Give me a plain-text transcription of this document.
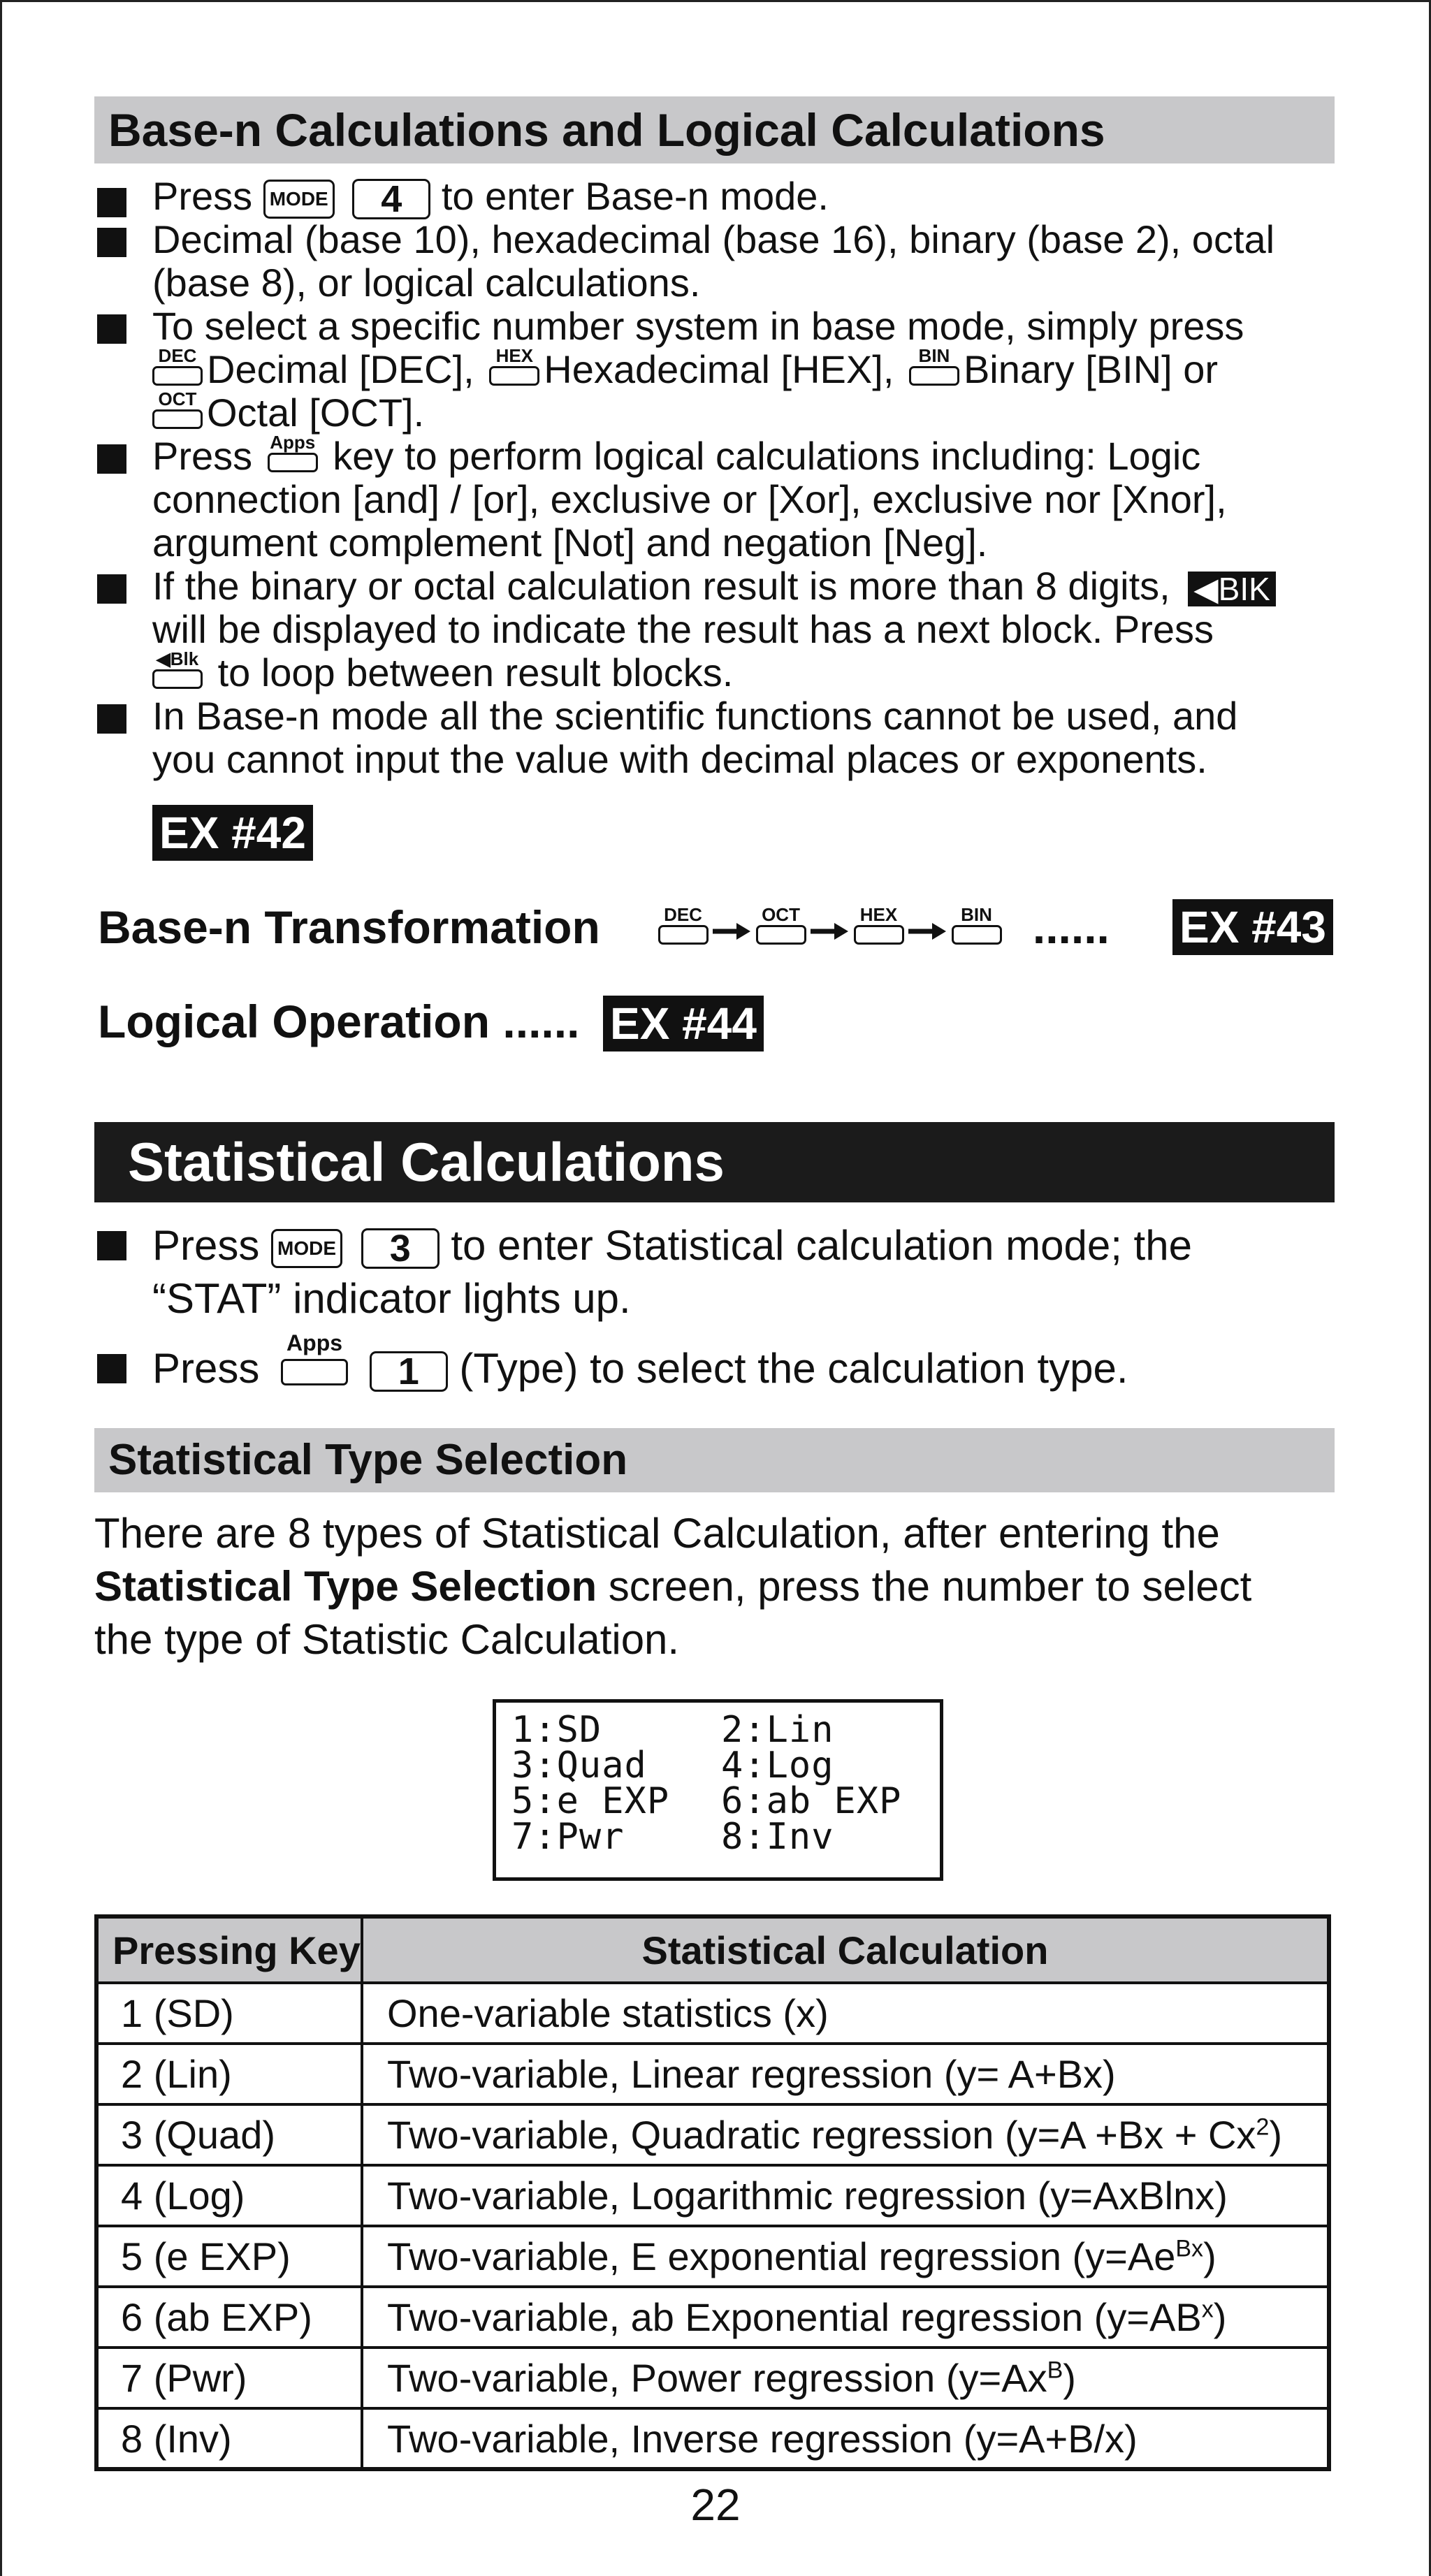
Base-n Calculations and Logical Calculations
Press MODE 4 to enter Base-n mode.
Decimal (base 10), hexadecimal (base 16), binary (base 2), octal
(base 8), or logical calculations.
To select a specific number system in base mode, simply press
DEC Decimal [DEC],	HEX Hexadecimal [HEX],	BIN Binary [BIN] or
OCT Octal [OCT].
Press Apps key to perform logical calculations including: Logic
connection [and] / [or], exclusive or [Xor], exclusive nor [Xnor],
argument complement [Not] and negation [Neg].
If the binary or octal calculation result is more than 8 digits, ◀BIK
will be displayed to indicate the result has a next block. Press
◀Blk to loop between result blocks.
In Base-n mode all the scientific functions cannot be used, and
you cannot input the value with decimal places or exponents.
EX #42
Base-n Transformation	DEC	OCT	HEX	BIN ......	EX #43
Logical Operation ...... EX #44
Statistical Calculations
Press MODE 3 to enter Statistical calculation mode; the
“STAT” indicator lights up.
Press
Apps
1 (Type) to select the calculation type.
Statistical Type Selection
There are 8 types of Statistical Calculation, after entering the
Statistical Type Selection screen, press the number to select
the type of Statistic Calculation.
1:SD	2:Lin
3:Quad	4:Log
5:e EXP	6:ab EXP
7:Pwr	8:Inv
Pressing Key	Statistical Calculation
1 (SD)	One-variable statistics (x)
2 (Lin)	Two-variable, Linear regression (y= A+Bx)
3 (Quad)	Two-variable, Quadratic regression $(y=A +Bx + Cx^2)$
4 (Log)	Two-variable, Logarithmic regression (y=AxBlnx)
5 (e EXP)	Two-variable, E exponential regression $(y=Ae^{Bx})$
6 (ab EXP)	Two-variable, ab Exponential regression $(y=AB^x)$
7 (Pwr)	Two-variable, Power regression $(y=Ax^B)$
8 (Inv)	Two-variable, Inverse regression (y=A+B/x)
22
